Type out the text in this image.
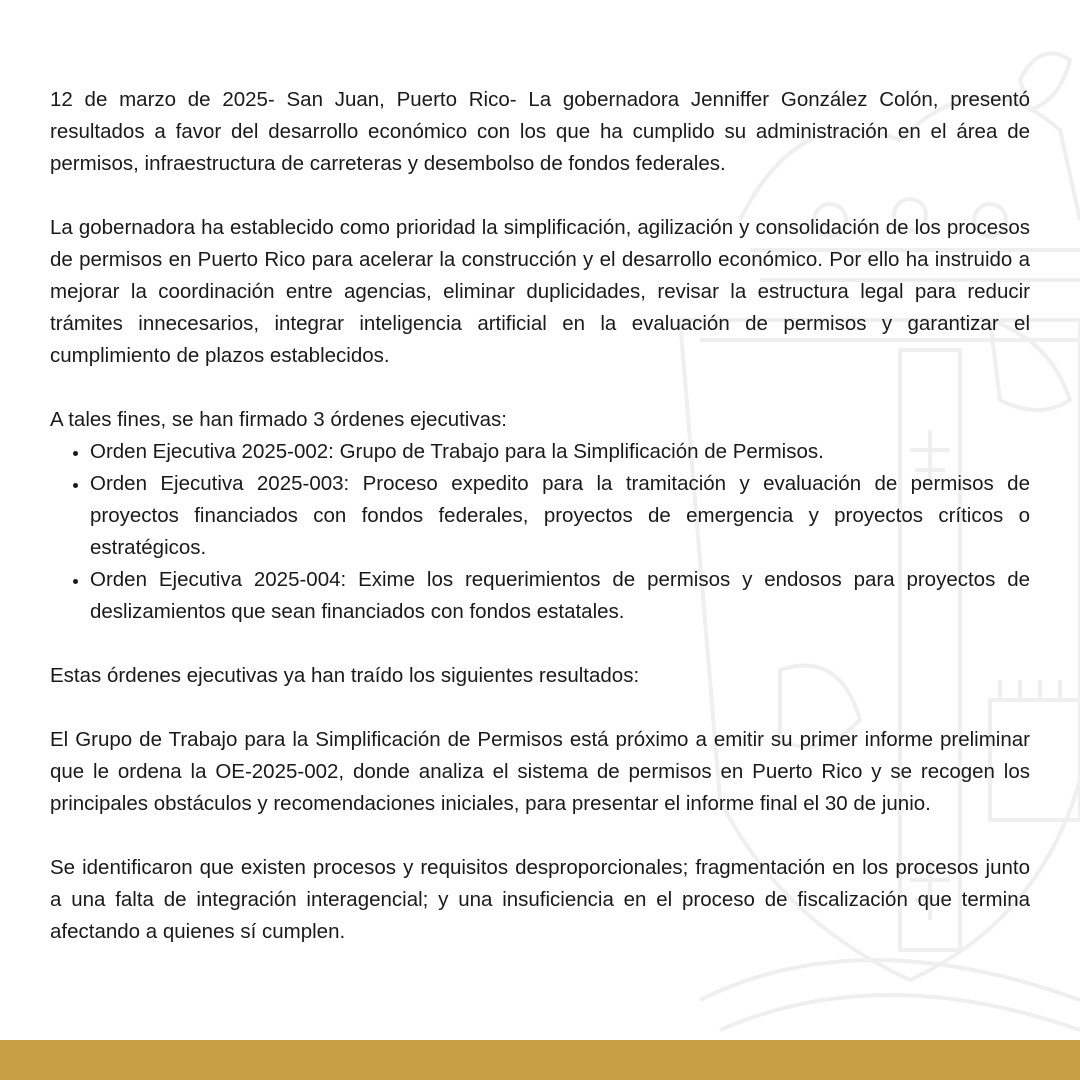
12 de marzo de 2025- San Juan, Puerto Rico- La gobernadora Jenniffer González Colón, presentó resultados a favor del desarrollo económico con los que ha cumplido su administración en el área de permisos, infraestructura de carreteras y desembolso de fondos federales.

La gobernadora ha establecido como prioridad la simplificación, agilización y consolidación de los procesos de permisos en Puerto Rico para acelerar la construcción y el desarrollo económico. Por ello ha instruido a mejorar la coordinación entre agencias, eliminar duplicidades, revisar la estructura legal para reducir trámites innecesarios, integrar inteligencia artificial en la evaluación de permisos y garantizar el cumplimiento de plazos establecidos.

A tales fines, se han firmado 3 órdenes ejecutivas:

• Orden Ejecutiva 2025-002: Grupo de Trabajo para la Simplificación de Permisos.
• Orden Ejecutiva 2025-003: Proceso expedito para la tramitación y evaluación de permisos de proyectos financiados con fondos federales, proyectos de emergencia y proyectos críticos o estratégicos.
• Orden Ejecutiva 2025-004: Exime los requerimientos de permisos y endosos para proyectos de deslizamientos que sean financiados con fondos estatales.

Estas órdenes ejecutivas ya han traído los siguientes resultados:

El Grupo de Trabajo para la Simplificación de Permisos está próximo a emitir su primer informe preliminar que le ordena la OE-2025-002, donde analiza el sistema de permisos en Puerto Rico y se recogen los principales obstáculos y recomendaciones iniciales, para presentar el informe final el 30 de junio.

Se identificaron que existen procesos y requisitos desproporcionales; fragmentación en los procesos junto a una falta de integración interagencial; y una insuficiencia en el proceso de fiscalización que termina afectando a quienes sí cumplen.
